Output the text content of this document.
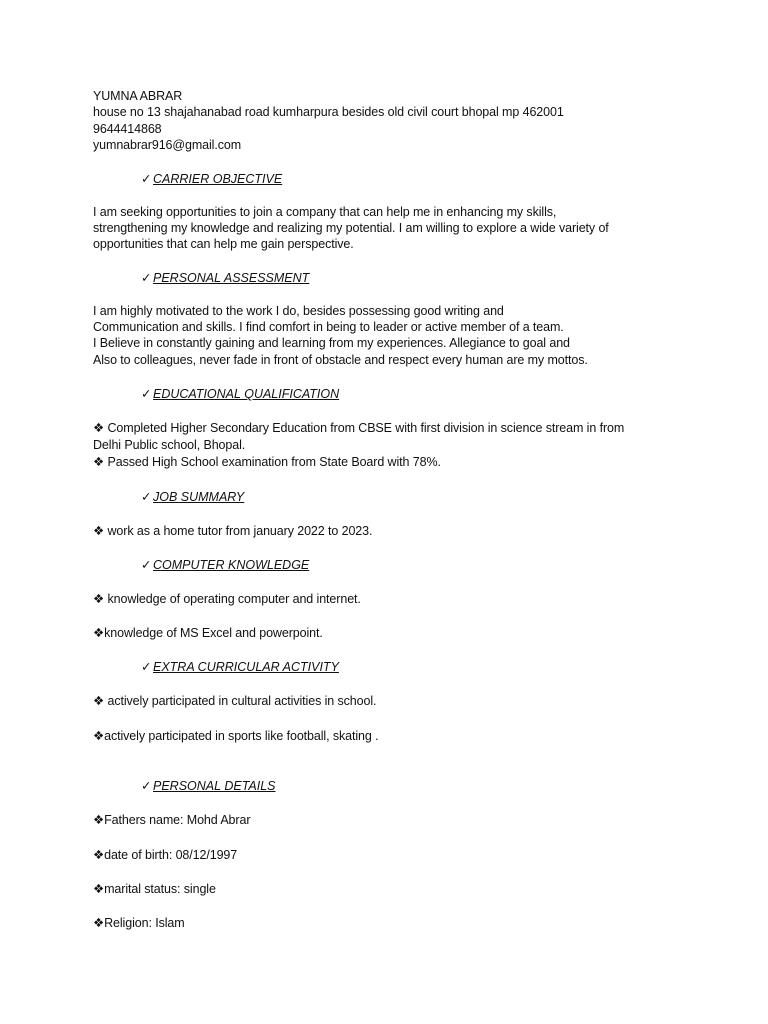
YUMNA ABRAR
house no 13 shajahanabad road kumharpura besides old civil court bhopal mp 462001
9644414868
yumnabrar916@gmail.com
✓ CARRIER OBJECTIVE
I am seeking opportunities to join a company that can help me in enhancing my skills,
strengthening my knowledge and realizing my potential. I am willing to explore a wide variety of
opportunities that can help me gain perspective.
✓ PERSONAL ASSESSMENT
I am highly motivated to the work I do, besides possessing good writing and
Communication and skills. I find comfort in being to leader or active member of a team.
I Believe in constantly gaining and learning from my experiences. Allegiance to goal and
Also to colleagues, never fade in front of obstacle and respect every human are my mottos.
✓ EDUCATIONAL QUALIFICATION
❖ Completed Higher Secondary Education from CBSE with first division in science stream in from
Delhi Public school, Bhopal.
❖ Passed High School examination from State Board with 78%.
✓ JOB SUMMARY
❖ work as a home tutor from january 2022 to 2023.
✓ COMPUTER KNOWLEDGE
❖ knowledge of operating computer and internet.
❖knowledge of MS Excel and powerpoint.
✓ EXTRA CURRICULAR ACTIVITY
❖ actively participated in cultural activities in school.
❖actively participated in sports like football, skating .
✓ PERSONAL DETAILS
❖Fathers name: Mohd Abrar
❖date of birth: 08/12/1997
❖marital status: single
❖Religion: Islam
